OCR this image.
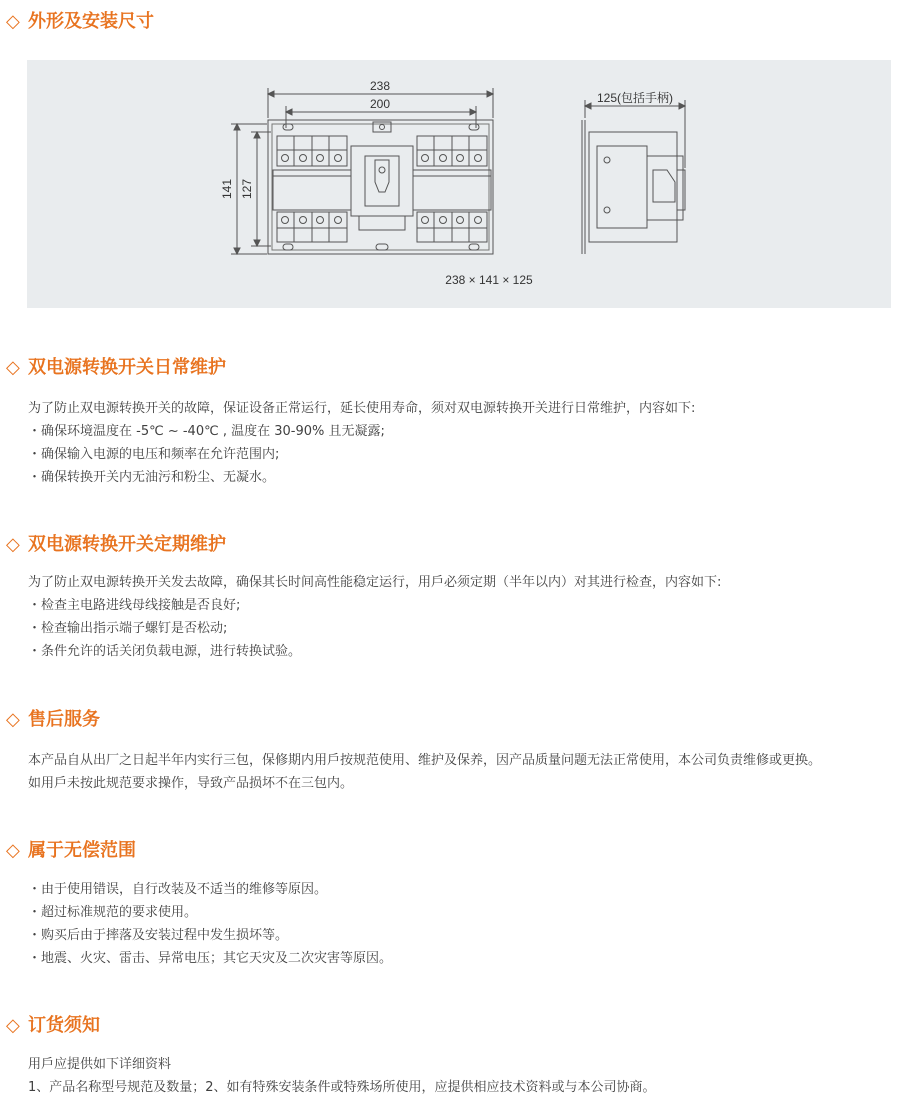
◇ 外形及安装尺寸
238
200
141 127
125(包括手柄)
238 × 141 × 125
◇ 双电源转换开关日常维护

为了防止双电源转换开关的故障，保证设备正常运行，延长使用寿命，须对双电源转换开关进行日常维护，内容如下:

・确保环境温度在 -5℃ ~ -40℃ , 温度在 30-90% 且无凝露;
・确保输入电源的电压和频率在允许范围内;
・确保转换开关内无油污和粉尘、无凝水。
◇ 双电源转换开关定期维护

为了防止双电源转换开关发去故障，确保其长时间高性能稳定运行，用戶必须定期（半年以内）对其进行检查，内容如下:

・检查主电路进线母线接触是否良好;
・检查输出指示端子螺钉是否松动;
・条件允许的话关闭负载电源，进行转换试验。
◇ 售后服务

本产品自从出厂之日起半年内实行三包，保修期内用戶按规范使用、维护及保养，因产品质量问题无法正常使用，本公司负责维修或更换。

如用戶未按此规范要求操作，导致产品损坏不在三包内。

◇ 属于无偿范围
・由于使用错误，自行改装及不适当的维修等原因。
・超过标准规范的要求使用。
・购买后由于摔落及安装过程中发生损坏等。
・地震、火灾、雷击、异常电压；其它天灾及二次灾害等原因。
◇ 订货须知

用戶应提供如下详细资料

1、产品名称型号规范及数量；2、如有特殊安装条件或特殊场所使用，应提供相应技术资料或与本公司协商。
